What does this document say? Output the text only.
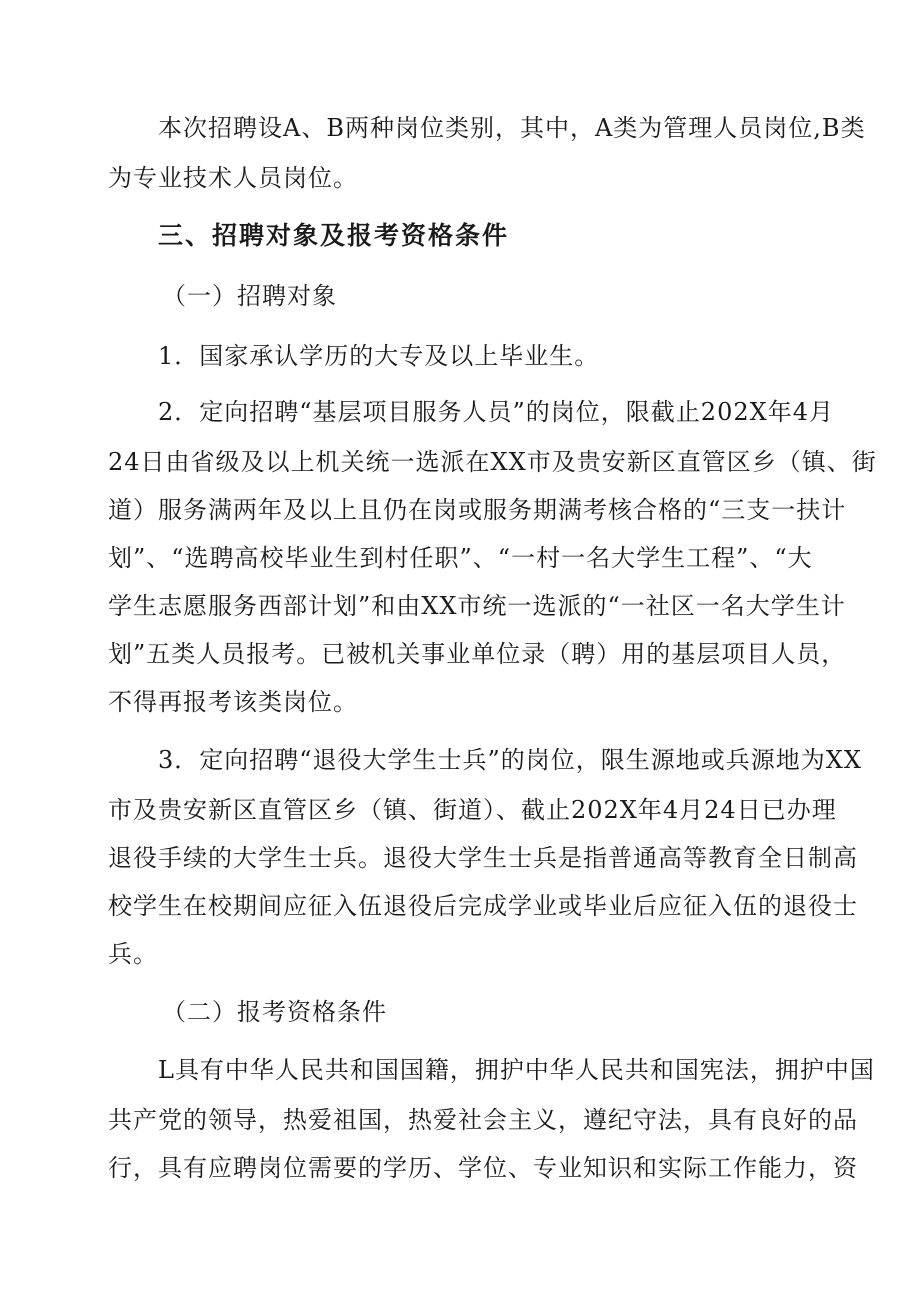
本次招聘设A、B两种岗位类别，其中，A类为管理人员岗位,B类
为专业技术人员岗位。
三、招聘对象及报考资格条件
（一）招聘对象
1．国家承认学历的大专及以上毕业生。
2．定向招聘“基层项目服务人员”的岗位，限截止202X年4月
24日由省级及以上机关统一选派在XX市及贵安新区直管区乡（镇、街
道）服务满两年及以上且仍在岗或服务期满考核合格的“三支一扶计
划”、“选聘高校毕业生到村任职”、“一村一名大学生工程”、“大
学生志愿服务西部计划”和由XX市统一选派的“一社区一名大学生计
划”五类人员报考。已被机关事业单位录（聘）用的基层项目人员，
不得再报考该类岗位。
3．定向招聘“退役大学生士兵”的岗位，限生源地或兵源地为XX
市及贵安新区直管区乡（镇、街道）、截止202X年4月24日已办理
退役手续的大学生士兵。退役大学生士兵是指普通高等教育全日制高
校学生在校期间应征入伍退役后完成学业或毕业后应征入伍的退役士
兵。
（二）报考资格条件
L具有中华人民共和国国籍，拥护中华人民共和国宪法，拥护中国
共产党的领导，热爱祖国，热爱社会主义，遵纪守法，具有良好的品
行，具有应聘岗位需要的学历、学位、专业知识和实际工作能力，资
